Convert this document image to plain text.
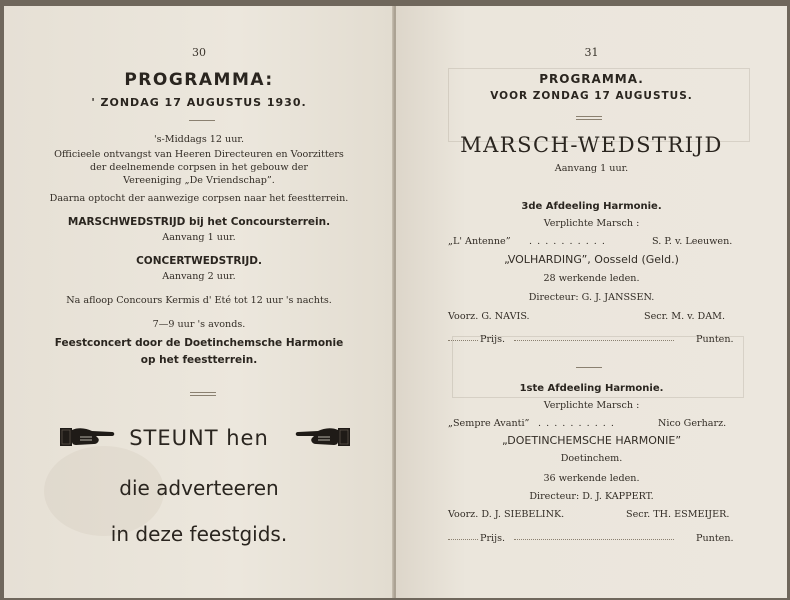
30
PROGRAMMA:
' ZONDAG 17 AUGUSTUS 1930.
's-Middags 12 uur.
Officieele ontvangst van Heeren Directeuren en Voorzitters
der deelnemende corpsen in het gebouw der
Vereeniging „De Vriendschap”.
Daarna optocht der aanwezige corpsen naar het feestterrein.
MARSCHWEDSTRIJD bij het Concoursterrein.
Aanvang 1 uur.
CONCERTWEDSTRIJD.
Aanvang 2 uur.
Na afloop Concours Kermis d' Eté tot 12 uur 's nachts.
7—9 uur 's avonds.
Feestconcert door de Doetinchemsche Harmonie
op het feestterrein.
STEUNT hen
die adverteeren
in deze feestgids.
31
PROGRAMMA.
VOOR ZONDAG 17 AUGUSTUS.
MARSCH-WEDSTRIJD
Aanvang 1 uur.
3de Afdeeling Harmonie.
Verplichte Marsch :
„L' Antenne” . . . . . . . . . .	S. P. v. Leeuwen.
„VOLHARDING”, Oosseld (Geld.)
28 werkende leden.
Directeur: G. J. JANSSEN.
Voorz. G. NAVIS.	Secr. M. v. DAM.
Prijs.	Punten.
1ste Afdeeling Harmonie.
Verplichte Marsch :
„Sempre Avanti” . . . . . . . . . .	Nico Gerharz.
„DOETINCHEMSCHE HARMONIE”
Doetinchem.
36 werkende leden.
Directeur: D. J. KAPPERT.
Voorz. D. J. SIEBELINK.	Secr. TH. ESMEIJER.
Prijs.	Punten.
